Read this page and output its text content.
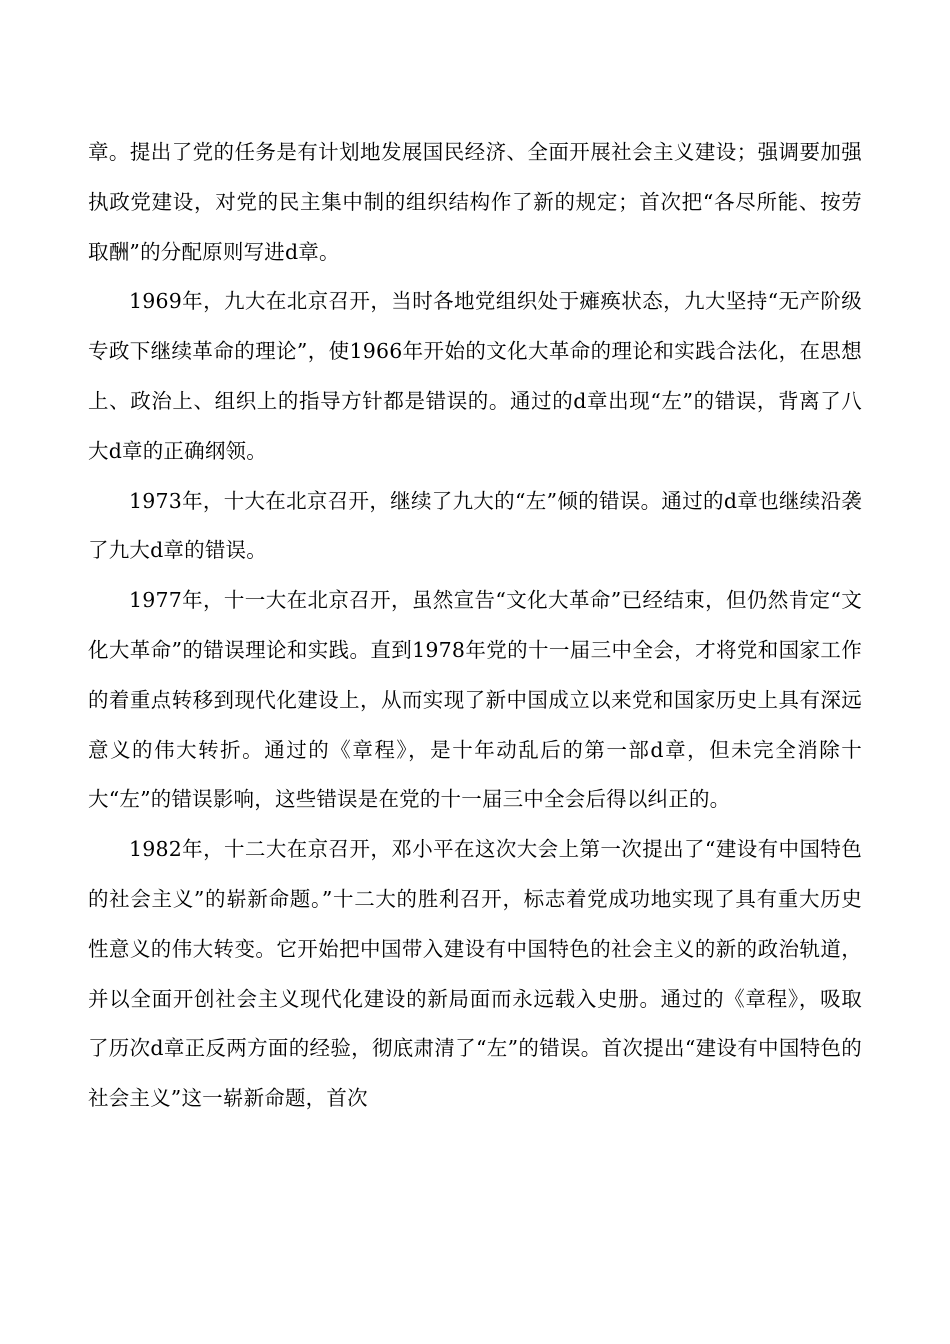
章。提出了党的任务是有计划地发展国民经济、全面开展社会主义建设；强调要加强执政党建设，对党的民主集中制的组织结构作了新的规定；首次把“各尽所能、按劳取酬”的分配原则写进d章。

1969年，九大在北京召开，当时各地党组织处于瘫痪状态，九大坚持“无产阶级专政下继续革命的理论”，使1966年开始的文化大革命的理论和实践合法化，在思想上、政治上、组织上的指导方针都是错误的。通过的d章出现“左”的错误，背离了八大d章的正确纲领。

1973年，十大在北京召开，继续了九大的“左”倾的错误。通过的d章也继续沿袭了九大d章的错误。

1977年，十一大在北京召开，虽然宣告“文化大革命”已经结束，但仍然肯定“文化大革命”的错误理论和实践。直到1978年党的十一届三中全会，才将党和国家工作的着重点转移到现代化建设上，从而实现了新中国成立以来党和国家历史上具有深远意义的伟大转折。通过的《章程》，是十年动乱后的第一部d章，但未完全消除十大“左”的错误影响，这些错误是在党的十一届三中全会后得以纠正的。

1982年，十二大在京召开，邓小平在这次大会上第一次提出了“建设有中国特色的社会主义”的崭新命题。”十二大的胜利召开，标志着党成功地实现了具有重大历史性意义的伟大转变。它开始把中国带入建设有中国特色的社会主义的新的政治轨道，并以全面开创社会主义现代化建设的新局面而永远载入史册。通过的《章程》，吸取了历次d章正反两方面的经验，彻底肃清了“左”的错误。首次提出“建设有中国特色的社会主义”这一崭新命题，首次
